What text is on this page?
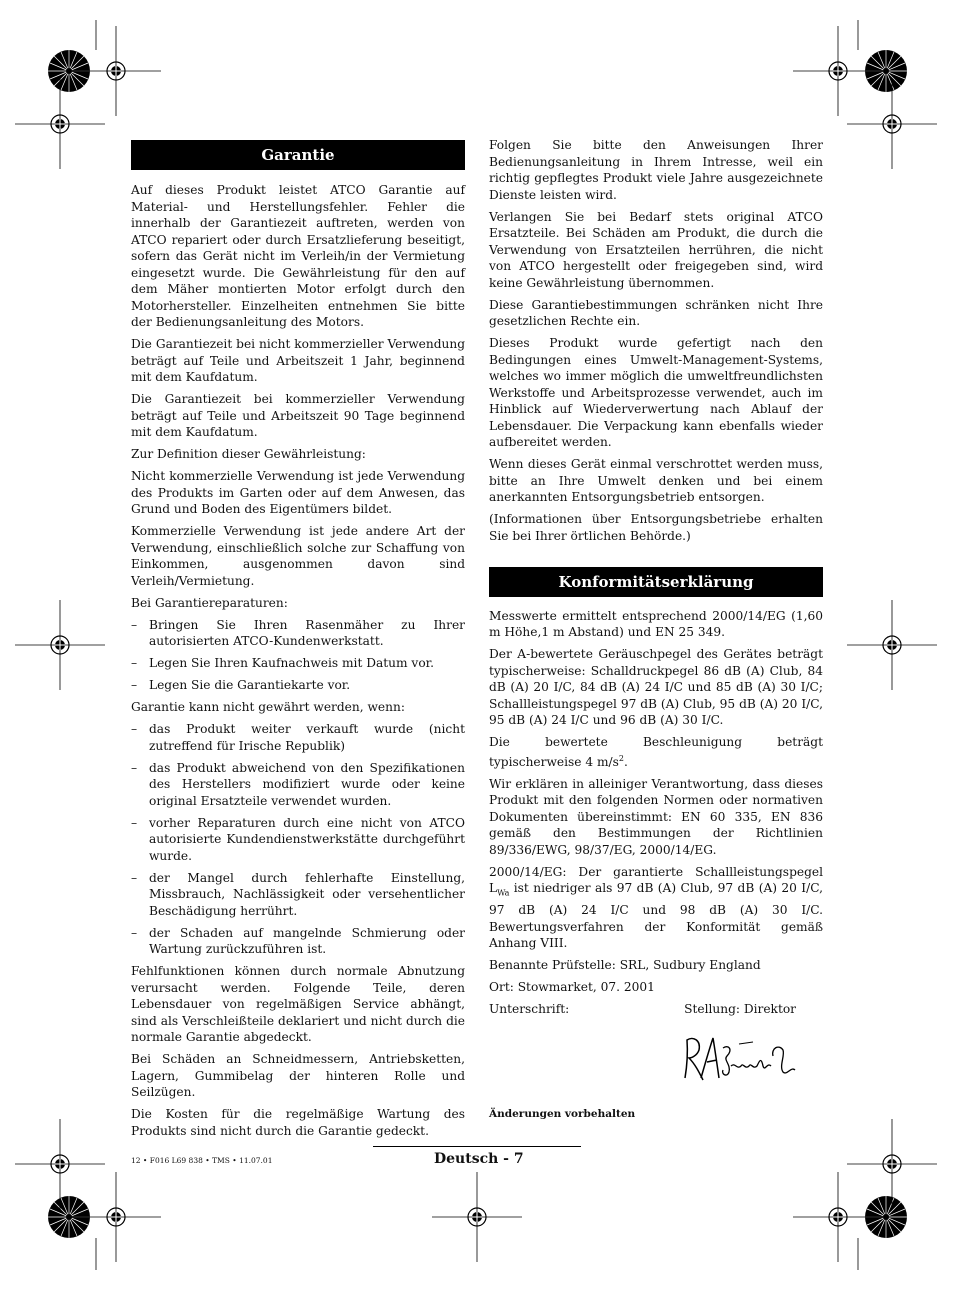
Garantie

Auf dieses Produkt leistet ATCO Garantie auf Material- und Herstellungsfehler. Fehler die innerhalb der Garantiezeit auftreten, werden von ATCO repariert oder durch Ersatzlieferung beseitigt, sofern das Gerät nicht im Verleih/in der Vermietung eingesetzt wurde. Die Gewährleistung für den auf dem Mäher montierten Motor erfolgt durch den Motorhersteller. Einzelheiten entnehmen Sie bitte der Bedienungsanleitung des Motors.

Die Garantiezeit bei nicht kommerzieller Verwendung beträgt auf Teile und Arbeitszeit 1 Jahr, beginnend mit dem Kaufdatum.

Die Garantiezeit bei kommerzieller Verwendung beträgt auf Teile und Arbeitszeit 90 Tage beginnend mit dem Kaufdatum.

Zur Definition dieser Gewährleistung:

Nicht kommerzielle Verwendung ist jede Verwendung des Produkts im Garten oder auf dem Anwesen, das Grund und Boden des Eigentümers bildet.

Kommerzielle Verwendung ist jede andere Art der Verwendung, einschließlich solche zur Schaffung von Einkommen, ausgenommen davon sind Verleih/Vermietung.

Bei Garantiereparaturen:

– Bringen Sie Ihren Rasenmäher zu Ihrer autorisierten ATCO-Kundenwerkstatt.
– Legen Sie Ihren Kaufnachweis mit Datum vor.
– Legen Sie die Garantiekarte vor.

Garantie kann nicht gewährt werden, wenn:

– das Produkt weiter verkauft wurde (nicht zutreffend für Irische Republik)
– das Produkt abweichend von den Spezifikationen des Herstellers modifiziert wurde oder keine original Ersatzteile verwendet wurden.
– vorher Reparaturen durch eine nicht von ATCO autorisierte Kundendienstwerkstätte durchgeführt wurde.
– der Mangel durch fehlerhafte Einstellung, Missbrauch, Nachlässigkeit oder versehentlicher Beschädigung herrührt.
– der Schaden auf mangelnde Schmierung oder Wartung zurückzuführen ist.

Fehlfunktionen können durch normale Abnutzung verursacht werden. Folgende Teile, deren Lebensdauer von regelmäßigen Service abhängt, sind als Verschleißteile deklariert und nicht durch die normale Garantie abgedeckt.

Bei Schäden an Schneidmessern, Antriebsketten, Lagern, Gummibelag der hinteren Rolle und Seilzügen.

Die Kosten für die regelmäßige Wartung des Produkts sind nicht durch die Garantie gedeckt.

Folgen Sie bitte den Anweisungen Ihrer Bedienungsanleitung in Ihrem Intresse, weil ein richtig gepflegtes Produkt viele Jahre ausgezeichnete Dienste leisten wird.

Verlangen Sie bei Bedarf stets original ATCO Ersatzteile. Bei Schäden am Produkt, die durch die Verwendung von Ersatzteilen herrühren, die nicht von ATCO hergestellt oder freigegeben sind, wird keine Gewährleistung übernommen.

Diese Garantiebestimmungen schränken nicht Ihre gesetzlichen Rechte ein.

Dieses Produkt wurde gefertigt nach den Bedingungen eines Umwelt-Management-Systems, welches wo immer möglich die umweltfreundlichsten Werkstoffe und Arbeitsprozesse verwendet, auch im Hinblick auf Wiederverwertung nach Ablauf der Lebensdauer. Die Verpackung kann ebenfalls wieder aufbereitet werden.

Wenn dieses Gerät einmal verschrottet werden muss, bitte an Ihre Umwelt denken und bei einem anerkannten Entsorgungsbetrieb entsorgen.

(Informationen über Entsorgungsbetriebe erhalten Sie bei Ihrer örtlichen Behörde.)

Konformitätserklärung

Messwerte ermittelt entsprechend 2000/14/EG (1,60 m Höhe,1 m Abstand) und EN 25 349.

Der A-bewertete Geräuschpegel des Gerätes beträgt typischerweise: Schalldruckpegel 86 dB (A) Club, 84 dB (A) 20 I/C, 84 dB (A) 24 I/C und 85 dB (A) 30 I/C; Schallleistungspegel 97 dB (A) Club, 95 dB (A) 20 I/C, 95 dB (A) 24 I/C und 96 dB (A) 30 I/C.

Die bewertete Beschleunigung beträgt typischerweise 4 $m/s^2$.

Wir erklären in alleiniger Verantwortung, dass dieses Produkt mit den folgenden Normen oder normativen Dokumenten übereinstimmt: EN 60 335, EN 836 gemäß den Bestimmungen der Richtlinien 89/336/EWG, 98/37/EG, 2000/14/EG.

2000/14/EG: Der garantierte Schallleistungspegel $L_{Wa}$ ist niedriger als 97 dB (A) Club, 97 dB (A) 20 I/C, 97 dB (A) 24 I/C und 98 dB (A) 30 I/C. Bewertungsverfahren der Konformität gemäß Anhang VIII.

Benannte Prüfstelle: SRL, Sudbury England

Ort: Stowmarket, 07. 2001

Unterschrift:	Stellung: Direktor
Änderungen vorbehalten
12 • F016 L69 838 • TMS • 11.07.01	Deutsch - 7
